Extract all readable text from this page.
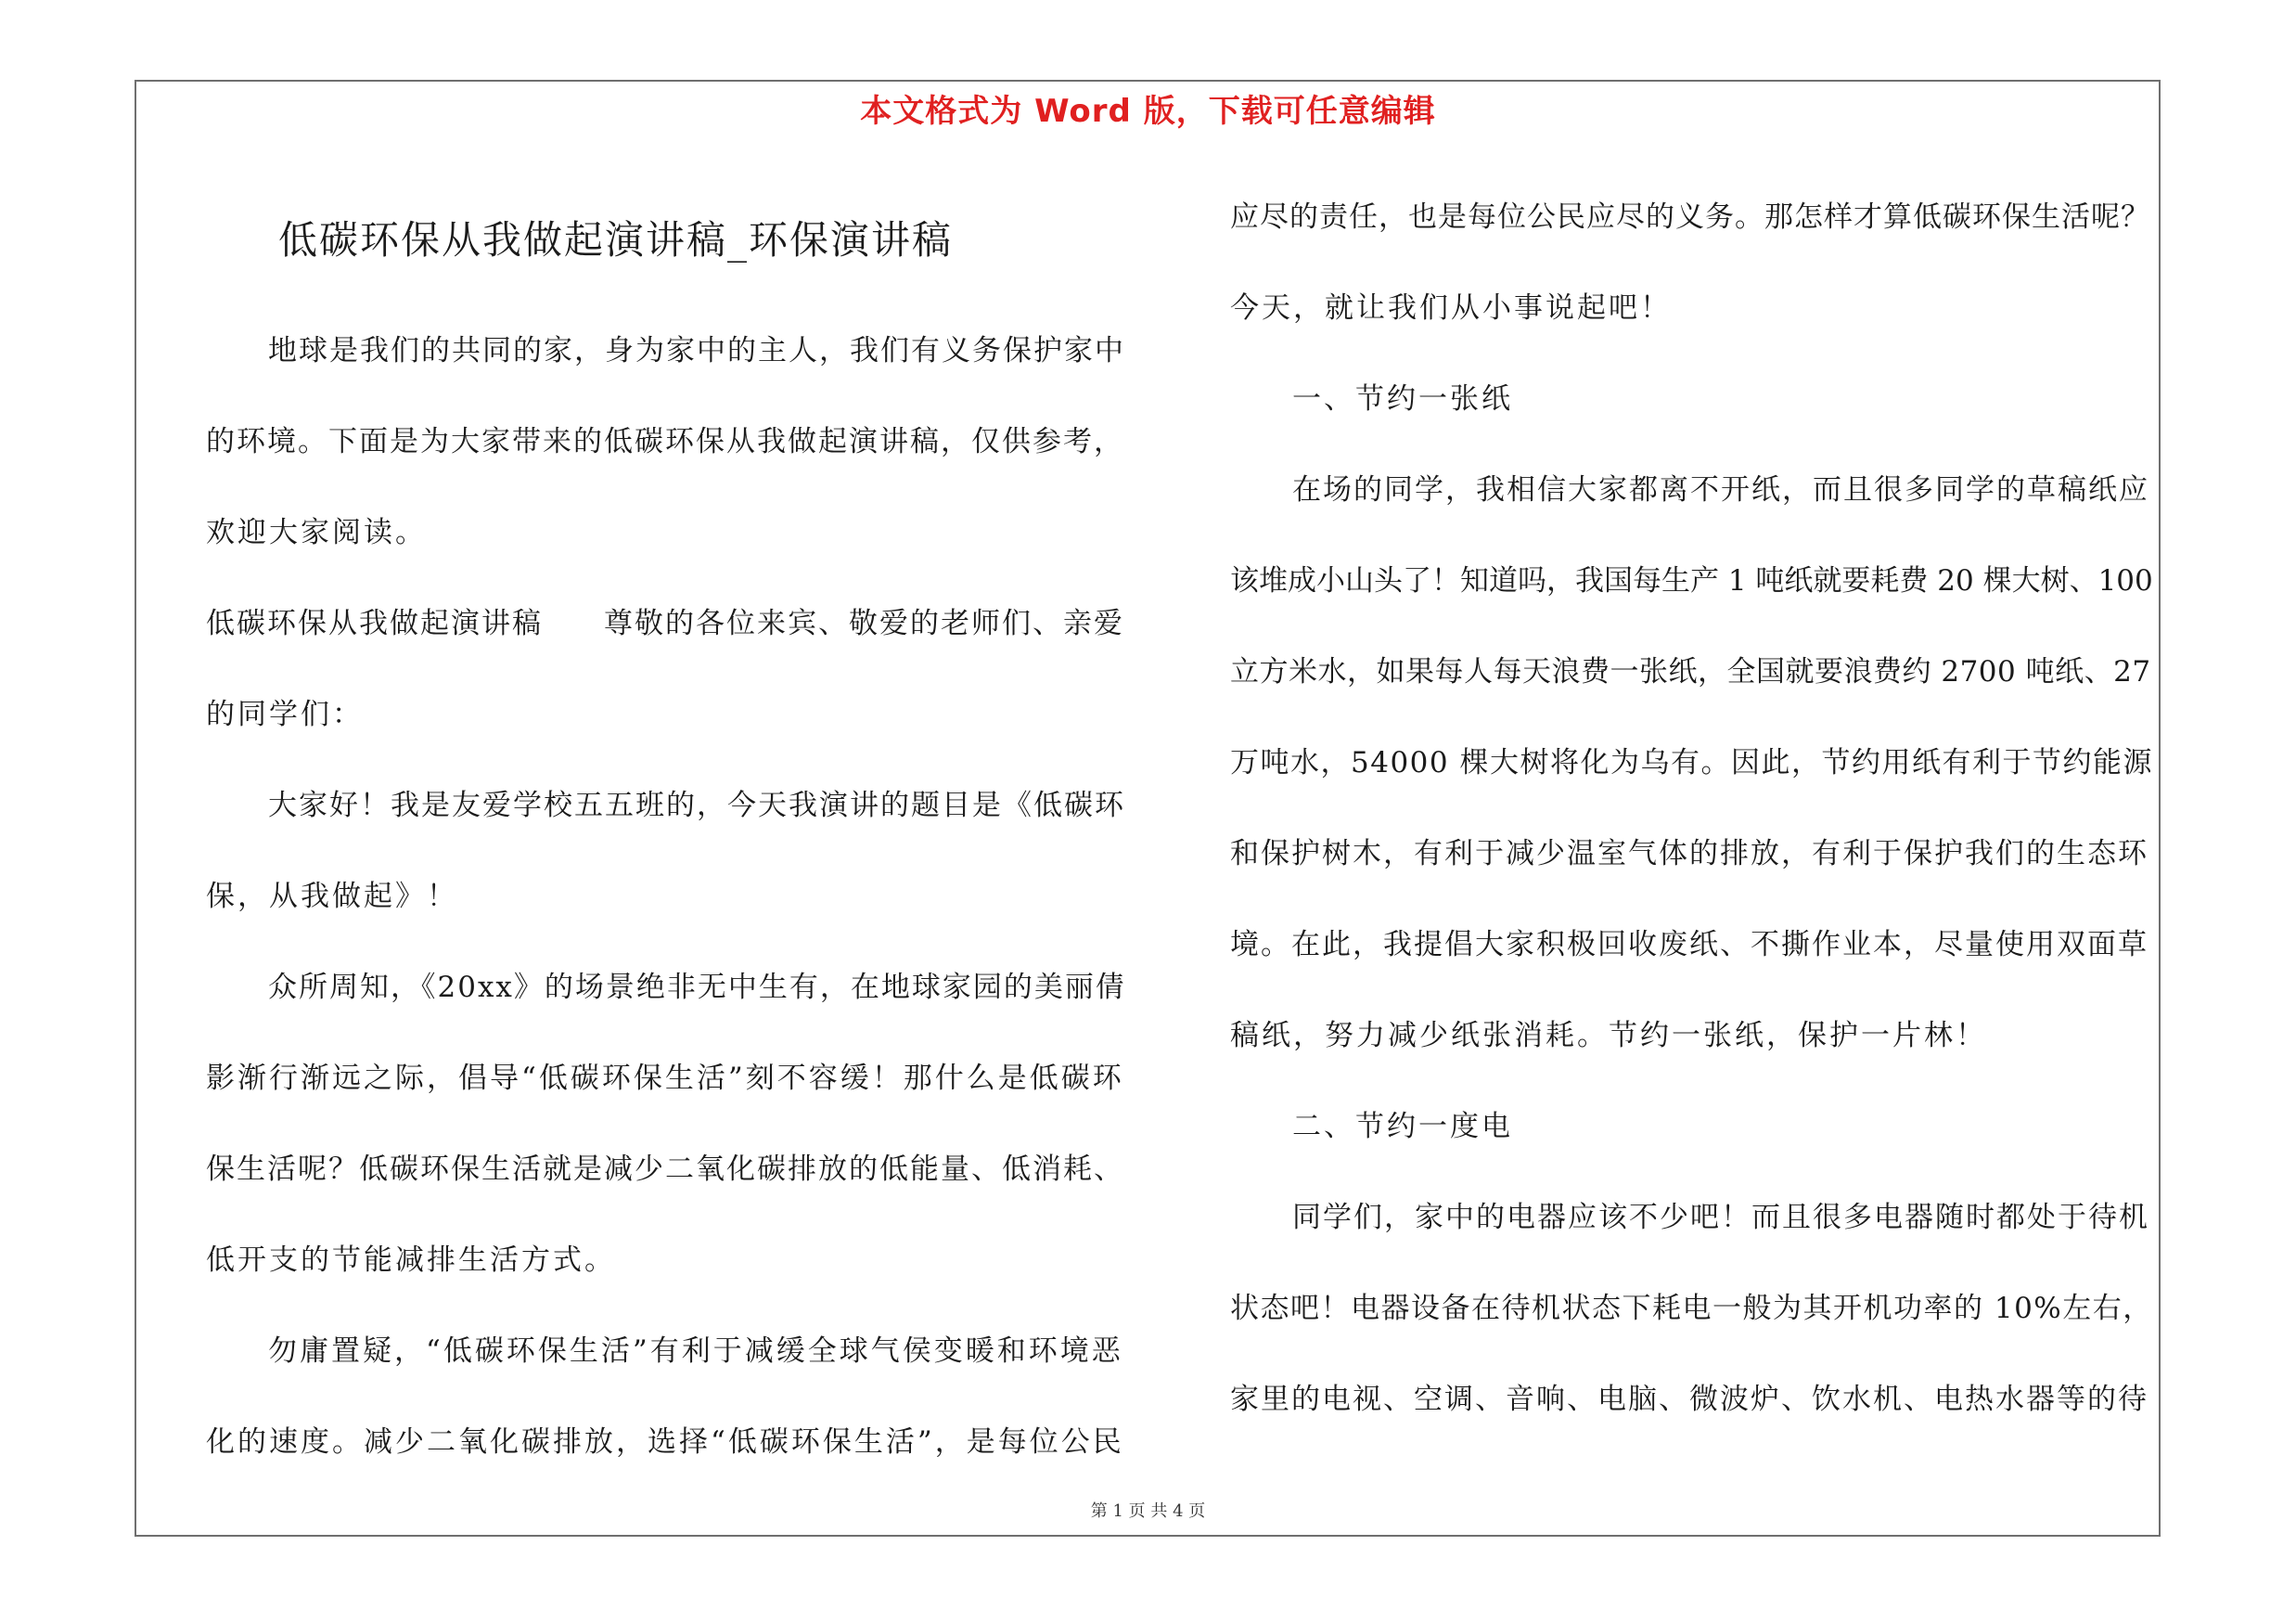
本文格式为 Word 版，下载可任意编辑
低碳环保从我做起演讲稿_环保演讲稿
地球是我们的共同的家，身为家中的主人，我们有义务保护家中
的环境。下面是为大家带来的低碳环保从我做起演讲稿，仅供参考，
欢迎大家阅读。
低碳环保从我做起演讲稿　　尊敬的各位来宾、敬爱的老师们、亲爱
的同学们：
大家好！我是友爱学校五五班的，今天我演讲的题目是《低碳环
保，从我做起》！
众所周知，《20xx》的场景绝非无中生有，在地球家园的美丽倩
影渐行渐远之际，倡导“低碳环保生活”刻不容缓！那什么是低碳环
保生活呢？低碳环保生活就是减少二氧化碳排放的低能量、低消耗、
低开支的节能减排生活方式。
勿庸置疑，“低碳环保生活”有利于减缓全球气侯变暖和环境恶
化的速度。减少二氧化碳排放，选择“低碳环保生活”，是每位公民
应尽的责任，也是每位公民应尽的义务。那怎样才算低碳环保生活呢？
今天，就让我们从小事说起吧！
一、节约一张纸
在场的同学，我相信大家都离不开纸，而且很多同学的草稿纸应
该堆成小山头了！知道吗，我国每生产 1 吨纸就要耗费 20 棵大树、100
立方米水，如果每人每天浪费一张纸，全国就要浪费约 2700 吨纸、27
万吨水，54000 棵大树将化为乌有。因此，节约用纸有利于节约能源
和保护树木，有利于减少温室气体的排放，有利于保护我们的生态环
境。在此，我提倡大家积极回收废纸、不撕作业本，尽量使用双面草
稿纸，努力减少纸张消耗。节约一张纸，保护一片林！
二、节约一度电
同学们，家中的电器应该不少吧！而且很多电器随时都处于待机
状态吧！电器设备在待机状态下耗电一般为其开机功率的 10%左右，
家里的电视、空调、音响、电脑、微波炉、饮水机、电热水器等的待
第 1 页 共 4 页
